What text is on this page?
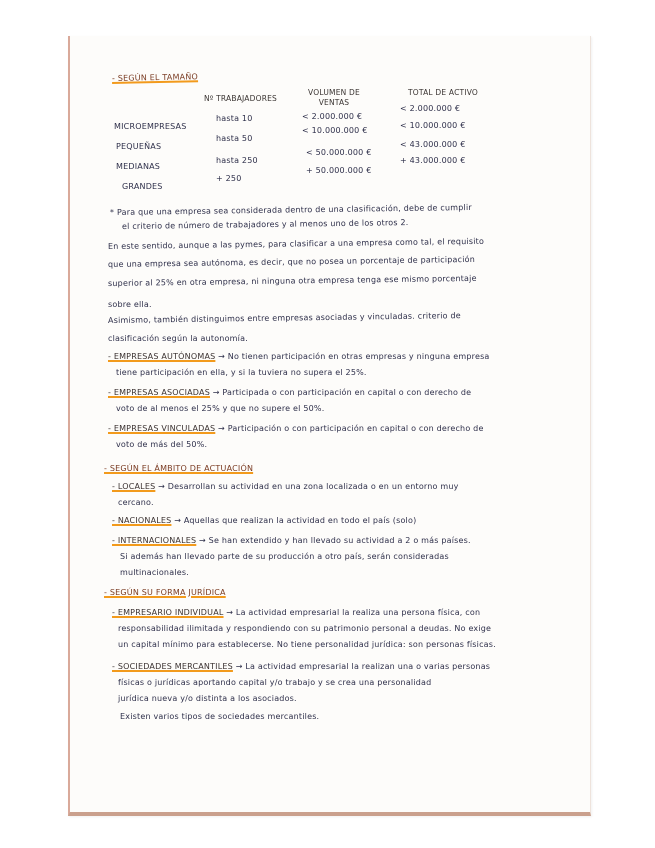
- SEGÚN EL TAMAÑO
Nº TRABAJADORES
VOLUMEN DE VENTAS
TOTAL DE ACTIVO
MICROEMPRESAS
hasta 10	< 2.000.000 €
< 2.000.000 €
PEQUEÑAS
hasta 50
< 10.000.000 €
< 10.000.000 €
MEDIANAS
hasta 250
< 50.000.000 €
< 43.000.000 €
GRANDES
+ 250
+ 50.000.000 €
+ 43.000.000 €
* Para que una empresa sea considerada dentro de una clasificación, debe de cumplir
el criterio de número de trabajadores y al menos uno de los otros 2.
En este sentido, aunque a las pymes, para clasificar a una empresa como tal, el requisito
que una empresa sea autónoma, es decir, que no posea un porcentaje de participación
superior al 25% en otra empresa, ni ninguna otra empresa tenga ese mismo porcentaje
sobre ella.
Asimismo, también distinguimos entre empresas asociadas y vinculadas. criterio de
clasificación según la autonomía.
- EMPRESAS AUTÓNOMAS → No tienen participación en otras empresas y ninguna empresa
tiene participación en ella, y si la tuviera no supera el 25%.
- EMPRESAS ASOCIADAS → Participada o con participación en capital o con derecho de
voto de al menos el 25% y que no supere el 50%.
- EMPRESAS VINCULADAS → Participación o con participación en capital o con derecho de
voto de más del 50%.
- SEGÚN EL ÁMBITO DE ACTUACIÓN
- LOCALES → Desarrollan su actividad en una zona localizada o en un entorno muy
cercano.
- NACIONALES → Aquellas que realizan la actividad en todo el país (solo)
- INTERNACIONALES → Se han extendido y han llevado su actividad a 2 o más países.
Si además han llevado parte de su producción a otro país, serán consideradas
multinacionales.
- SEGÚN SU FORMA JURÍDICA
- EMPRESARIO INDIVIDUAL → La actividad empresarial la realiza una persona física, con
responsabilidad ilimitada y respondiendo con su patrimonio personal a deudas. No exige
un capital mínimo para establecerse. No tiene personalidad jurídica: son personas físicas.
- SOCIEDADES MERCANTILES → La actividad empresarial la realizan una o varias personas
físicas o jurídicas aportando capital y/o trabajo y se crea una personalidad
jurídica nueva y/o distinta a los asociados.
Existen varios tipos de sociedades mercantiles.
